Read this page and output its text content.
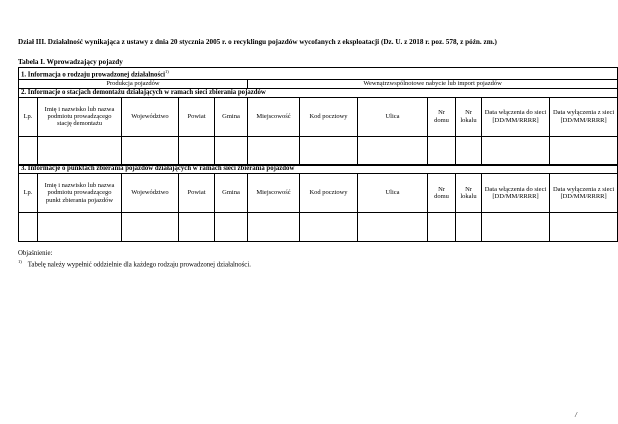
Dział III. Działalność wynikająca z ustawy z dnia 20 stycznia 2005 r. o recyklingu pojazdów wycofanych z eksploatacji (Dz. U. z 2018 r. poz. 578, z późn. zm.)
Tabela I. Wprowadzający pojazdy
1. Informacja o rodzaju prowadzonej działalności$^{1)}$
Produkcja pojazdów					Wewnątrzwspólnotowe nabycie lub import pojazdów						
2. Informacje o stacjach demontażu działających w ramach sieci zbierania pojazdów											
Lp.	Imię i nazwisko lub nazwa podmiotu prowadzącego stację demontażu	Województwo	Powiat	Gmina	Miejscowość	Kod pocztowy	Ulica	Nr domu	Nr lokalu	Data włączenia do sieci [DD/MM/RRRR]	Data wyłączenia z sieci [DD/MM/RRRR]

3. Informacje o punktach zbierania pojazdów działających w ramach sieci zbierania pojazdów											
Lp.	Imię i nazwisko lub nazwa podmiotu prowadzącego punkt zbierania pojazdów	Województwo	Powiat	Gmina	Miejscowość	Kod pocztowy	Ulica	Nr domu	Nr lokalu	Data włączenia do sieci [DD/MM/RRRR]	Data wyłączenia z sieci [DD/MM/RRRR]

Objaśnienie:
$^{1)}$ Tabelę należy wypełnić oddzielnie dla każdego rodzaju prowadzonej działalności.
/
